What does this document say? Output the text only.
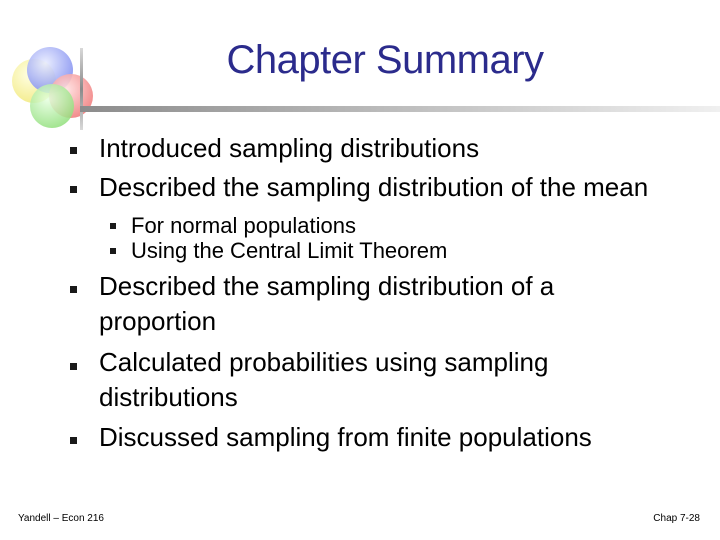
Chapter Summary
Introduced sampling distributions
Described the sampling distribution of the mean
For normal populations
Using the Central Limit Theorem
Described the sampling distribution of a
proportion
Calculated probabilities using sampling
distributions
Discussed sampling from finite populations
Yandell – Econ 216	Chap 7-28
